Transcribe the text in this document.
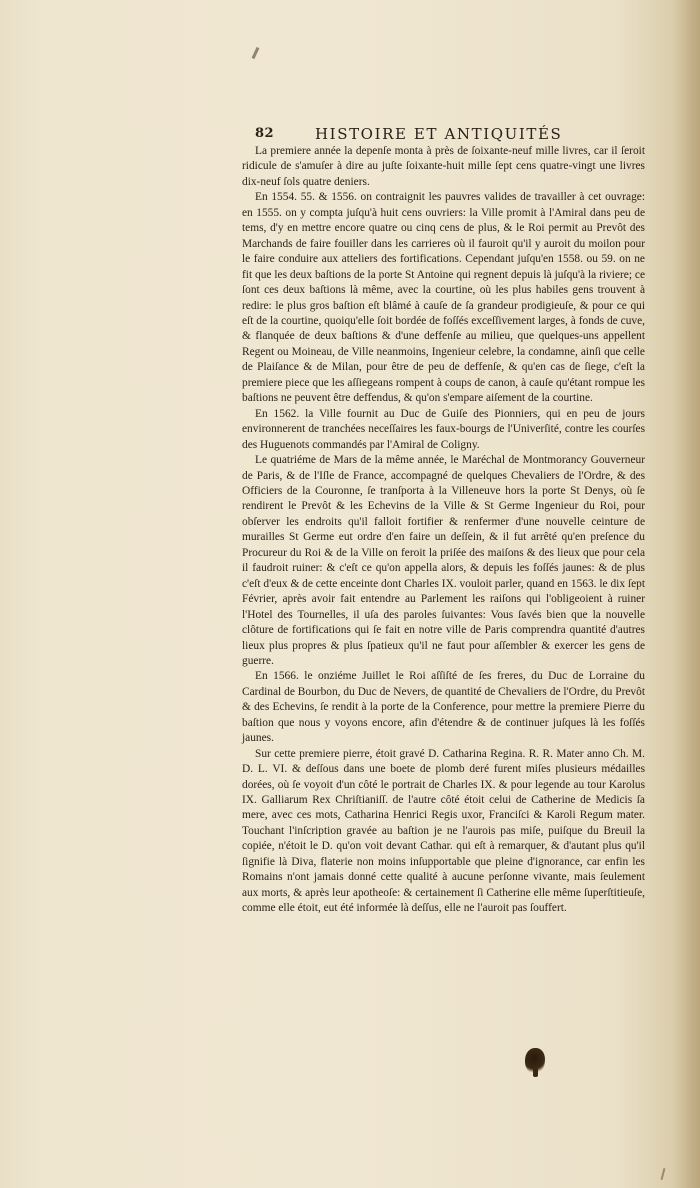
82	HISTOIRE ET ANTIQUITÉS

La premiere année la depenſe monta à près de ſoixante-neuf mille livres, car il ſeroit ridicule de s'amuſer à dire au juſte ſoixante-huit mille ſept cens quatre-vingt une livres dix-neuf ſols quatre deniers.

En 1554. 55. & 1556. on contraignit les pauvres valides de travailler à cet ouvrage: en 1555. on y compta juſqu'à huit cens ouvriers: la Ville promit à l'Amiral dans peu de tems, d'y en mettre encore quatre ou cinq cens de plus, & le Roi permit au Prevôt des Marchands de faire fouiller dans les carrieres où il fauroit qu'il y auroit du moilon pour le faire conduire aux atteliers des fortifications. Cependant juſqu'en 1558. ou 59. on ne fit que les deux baſtions de la porte St Antoine qui regnent depuis là juſqu'à la riviere; ce ſont ces deux baſtions là même, avec la courtine, où les plus habiles gens trouvent à redire: le plus gros baſtion eſt blâmé à cauſe de ſa grandeur prodigieuſe, & pour ce qui eſt de la courtine, quoiqu'elle ſoit bordée de foſſés exceſſivement larges, à fonds de cuve, & flanquée de deux baſtions & d'une deffenſe au milieu, que quelques-uns appellent Regent ou Moineau, de Ville neanmoins, Ingenieur celebre, la condamne, ainſi que celle de Plaiſance & de Milan, pour être de peu de deffenſe, & qu'en cas de ſiege, c'eſt la premiere piece que les aſſiegeans rompent à coups de canon, à cauſe qu'étant rompue les baſtions ne peuvent être deffendus, & qu'on s'empare aiſement de la courtine.

En 1562. la Ville fournit au Duc de Guiſe des Pionniers, qui en peu de jours environnerent de tranchées neceſſaires les faux-bourgs de l'Univerſité, contre les courſes des Huguenots commandés par l'Amiral de Coligny.

Le quatriéme de Mars de la même année, le Maréchal de Montmorancy Gouverneur de Paris, & de l'Iſle de France, accompagné de quelques Chevaliers de l'Ordre, & des Officiers de la Couronne, ſe tranſporta à la Villeneuve hors la porte St Denys, où ſe rendirent le Prevôt & les Echevins de la Ville & St Germe Ingenieur du Roi, pour obſerver les endroits qu'il falloit fortifier & renfermer d'une nouvelle ceinture de murailles St Germe eut ordre d'en faire un deſſein, & il fut arrêté qu'en preſence du Procureur du Roi & de la Ville on feroit la priſée des maiſons & des lieux que pour cela il faudroit ruiner: & c'eſt ce qu'on appella alors, & depuis les foſſés jaunes: & de plus c'eſt d'eux & de cette enceinte dont Charles IX. vouloit parler, quand en 1563. le dix ſept Février, après avoir fait entendre au Parlement les raiſons qui l'obligeoient à ruiner l'Hotel des Tournelles, il uſa des paroles ſuivantes: Vous ſavés bien que la nouvelle clôture de fortifications qui ſe fait en notre ville de Paris comprendra quantité d'autres lieux plus propres & plus ſpatieux qu'il ne faut pour aſſembler & exercer les gens de guerre.

En 1566. le onziéme Juillet le Roi aſſiſté de ſes freres, du Duc de Lorraine du Cardinal de Bourbon, du Duc de Nevers, de quantité de Chevaliers de l'Ordre, du Prevôt & des Echevins, ſe rendit à la porte de la Conference, pour mettre la premiere Pierre du baſtion que nous y voyons encore, afin d'étendre & de continuer juſques là les foſſés jaunes.

Sur cette premiere pierre, étoit gravé D. Catharina Regina. R. R. Mater anno Ch. M. D. L. VI. & deſſous dans une boete de plomb deré furent miſes plusieurs médailles dorées, où ſe voyoit d'un côté le portrait de Charles IX. & pour legende au tour Karolus IX. Galliarum Rex Chriſtianiſſ. de l'autre côté étoit celui de Catherine de Medicis ſa mere, avec ces mots, Catharina Henrici Regis uxor, Franciſci & Karoli Regum mater. Touchant l'inſcription gravée au baſtion je ne l'aurois pas miſe, puiſque du Breuil la copiée, n'étoit le D. qu'on voit devant Cathar. qui eſt à remarquer, & d'autant plus qu'il ſignifie là Diva, flaterie non moins inſupportable que pleine d'ignorance, car enfin les Romains n'ont jamais donné cette qualité à aucune perſonne vivante, mais ſeulement aux morts, & après leur apotheoſe: & certainement ſi Catherine elle même ſuperſtitieuſe, comme elle étoit, eut été informée là deſſus, elle ne l'auroit pas ſouffert.
